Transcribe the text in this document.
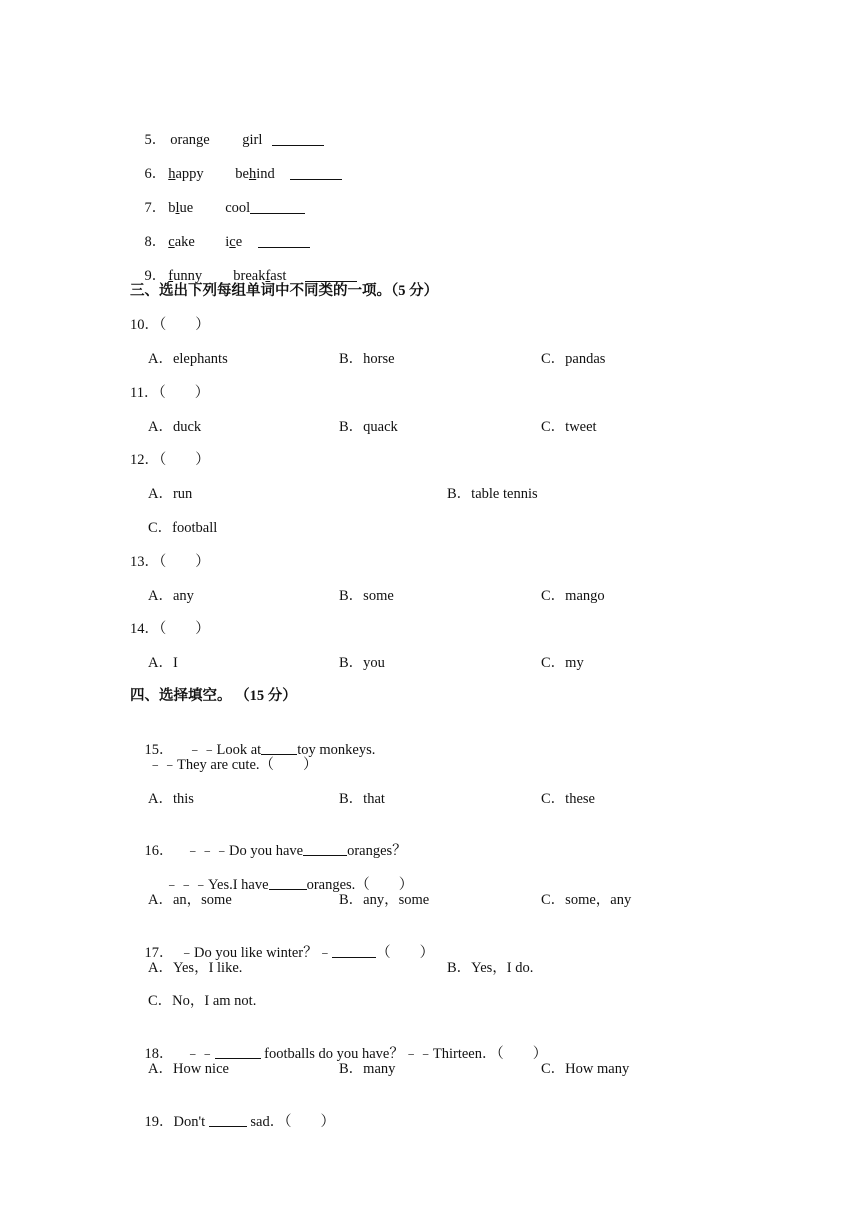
5． orange girl

6． happy behind

7． blue cool

8． cake ice

9． funny breakfast

三、选出下列每组单词中不同类的一项。（5 分）
10．（　　）
A．elephants	B．horse	C．pandas
11．（　　）
A．duck	B．quack	C．tweet
12．（　　）
A．run	B．table tennis
C．football
13．（　　）
A．any	B．some	C．mango
14．（　　）
A．I	B．you	C．my
四、选择填空。 （15 分）

15． ﹣﹣Look at toy monkeys.

﹣﹣They are cute.（　　）
A．this	B．that	C．these

16． ﹣﹣﹣Do you have	oranges？

﹣﹣﹣Yes.I have	oranges.（　　）

A．an，some	B．any，some	C．some，any

17． ﹣Do you like winter？﹣	（　　）

A．Yes，I like.	B．Yes，I do.
C．No，I am not.

18． ﹣﹣	footballs do you have？﹣﹣Thirteen．（　　）

A．How nice	B．many	C．How many

19．Don't	sad．（　　）
